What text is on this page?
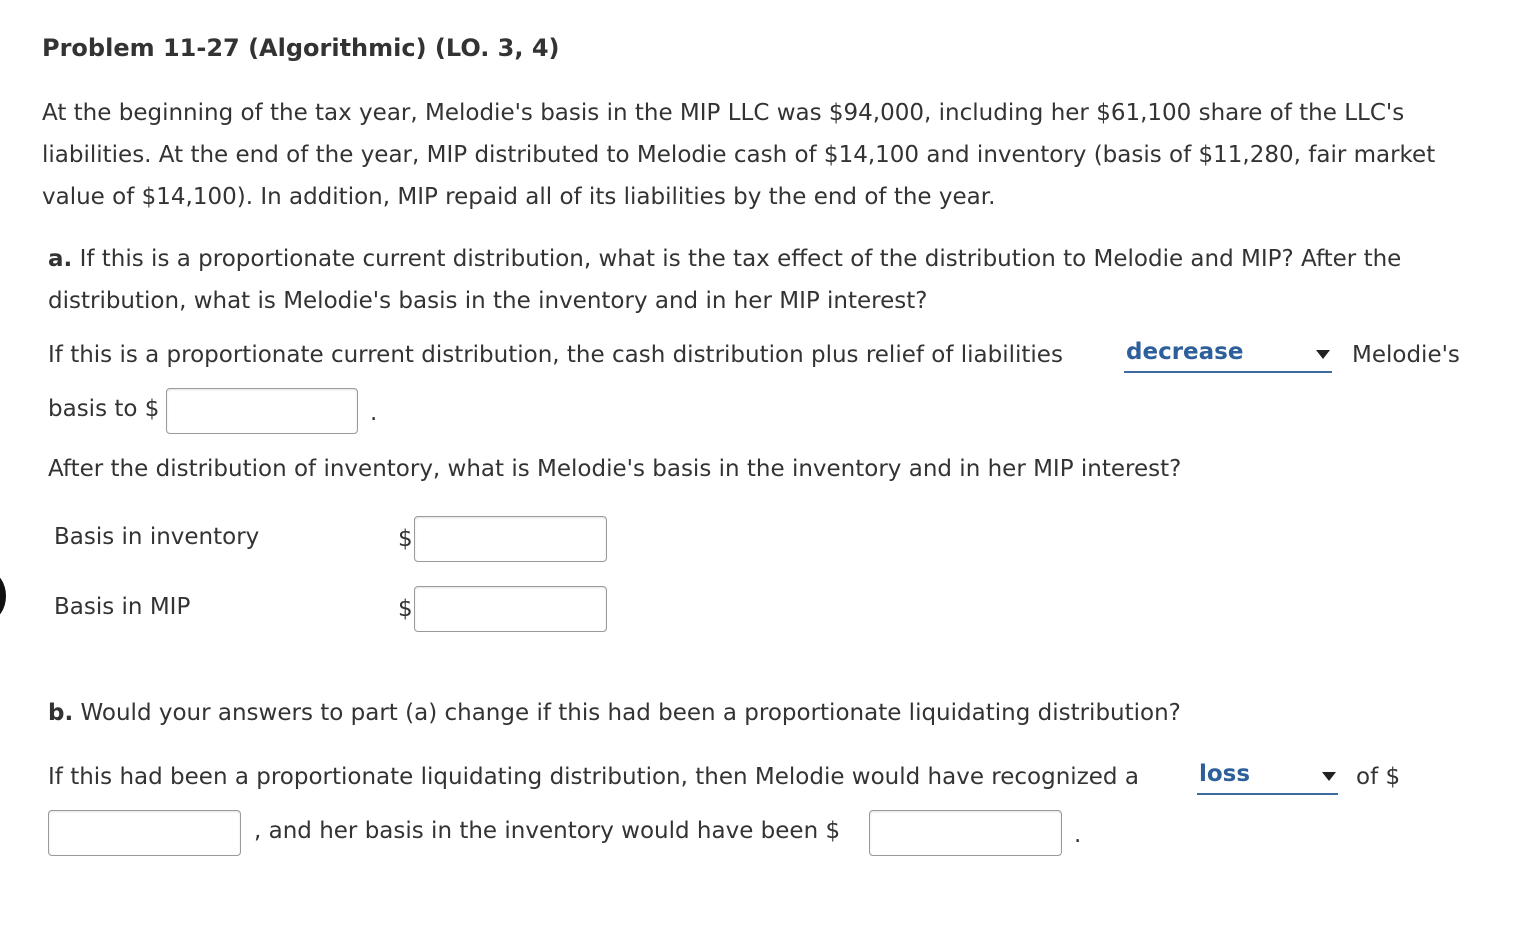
Problem 11-27 (Algorithmic) (LO. 3, 4)
At the beginning of the tax year, Melodie's basis in the MIP LLC was $94,000, including her $61,100 share of the LLC's
liabilities. At the end of the year, MIP distributed to Melodie cash of $14,100 and inventory (basis of $11,280, fair market
value of $14,100). In addition, MIP repaid all of its liabilities by the end of the year.
a. If this is a proportionate current distribution, what is the tax effect of the distribution to Melodie and MIP? After the
distribution, what is Melodie's basis in the inventory and in her MIP interest?
If this is a proportionate current distribution, the cash distribution plus relief of liabilities	decrease	Melodie's
basis to $	.
After the distribution of inventory, what is Melodie's basis in the inventory and in her MIP interest?
Basis in inventory	$
Basis in MIP	$
b. Would your answers to part (a) change if this had been a proportionate liquidating distribution?
If this had been a proportionate liquidating distribution, then Melodie would have recognized a	loss	of $
, and her basis in the inventory would have been $	.
